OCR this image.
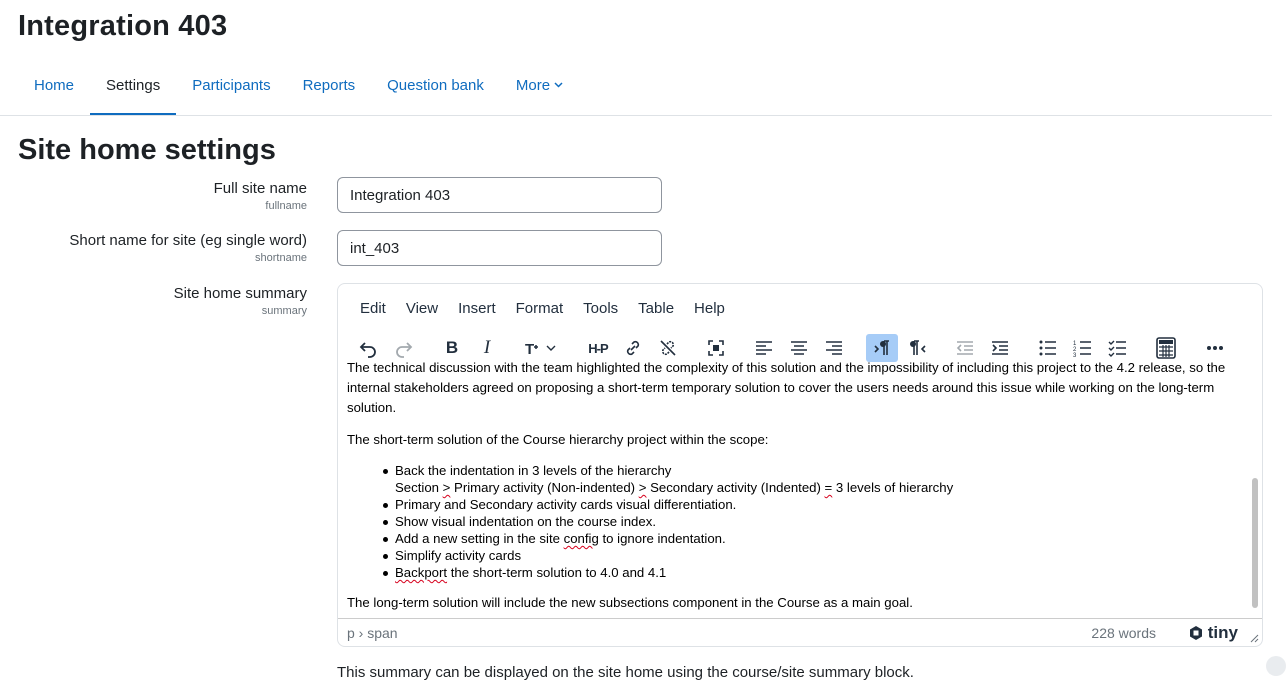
Integration 403
Home	Settings	Participants	Reports	Question bank	More
Site home settings
Full site name
fullname
Integration 403
Short name for site (eg single word)
shortname
int_403
Site home summary
summary	Edit	View	Insert	Format	Tools	Table	Help
B	I	T	H-P	1
2
3

The technical discussion with the team highlighted the complexity of this solution and the impossibility of including this project to the 4.2 release, so the internal stakeholders agreed on proposing a short-term temporary solution to cover the users needs around this issue while working on the long-term solution.

The short-term solution of the Course hierarchy project within the scope:

Back the indentation in 3 levels of the hierarchy
Section > Primary activity (Non-indented) > Secondary activity (Indented) = 3 levels of hierarchy
Primary and Secondary activity cards visual differentiation.
Show visual indentation on the course index.
Add a new setting in the site config to ignore indentation.
Simplify activity cards
Backport the short-term solution to 4.0 and 4.1

The long-term solution will include the new subsections component in the Course as a main goal.

p › span	228 words	tiny
This summary can be displayed on the site home using the course/site summary block.
